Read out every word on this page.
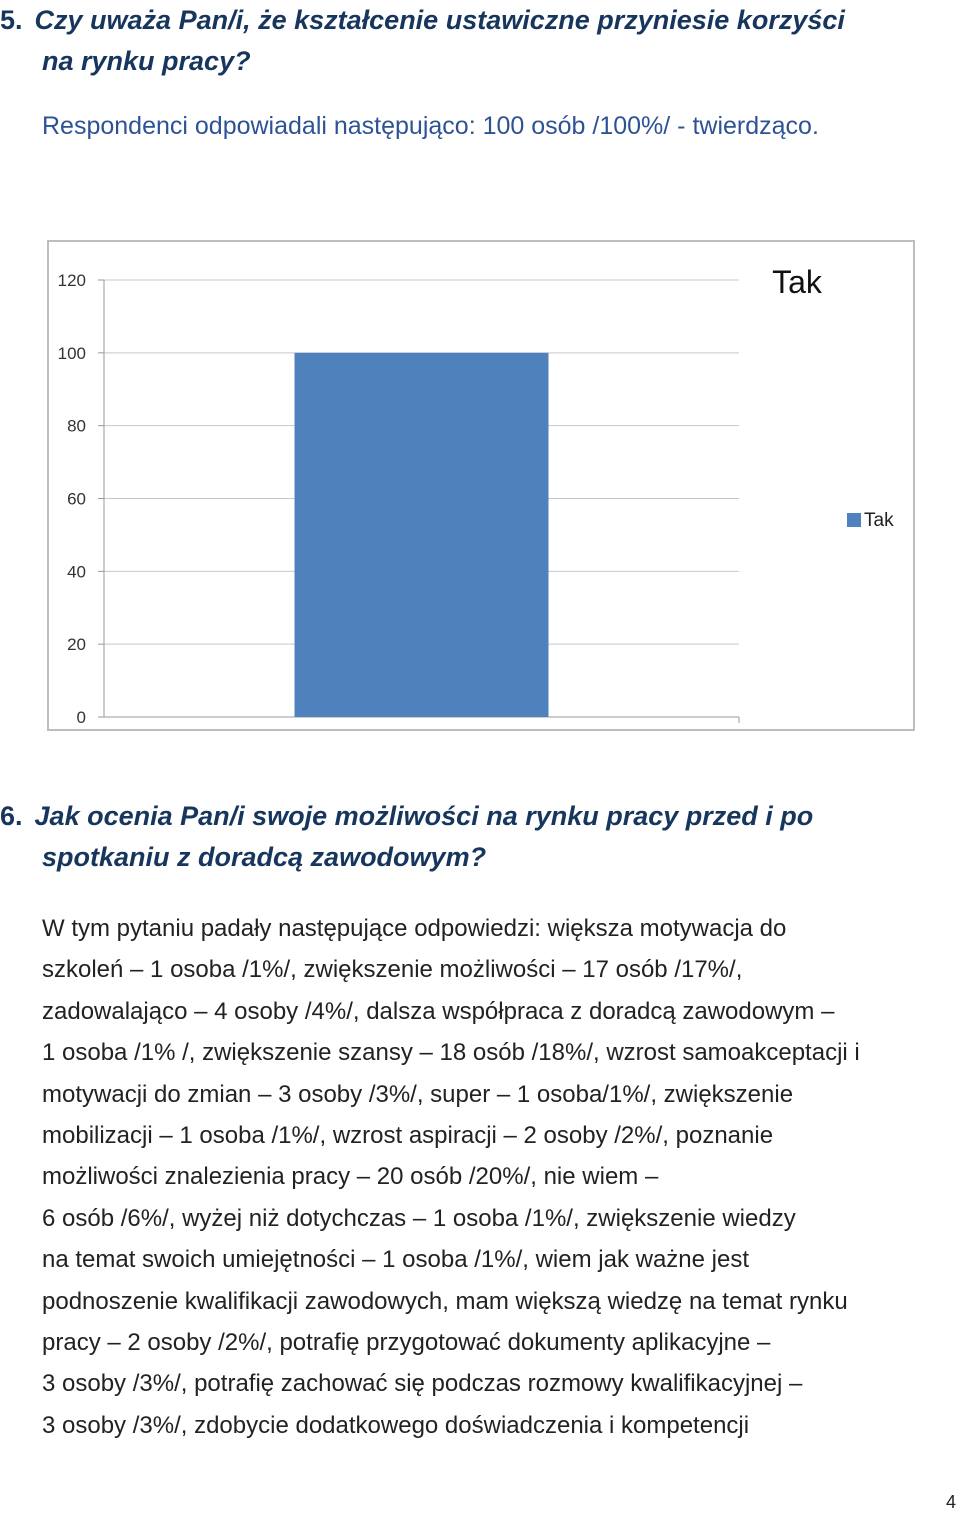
5. Czy uważa Pan/i, że kształcenie ustawiczne przyniesie korzyści
na rynku pracy?
Respondenci odpowiadali następująco: 100 osób /100%/ - twierdząco.
0
20
40
60
80
100
120	Tak
Tak
6. Jak ocenia Pan/i swoje możliwości na rynku pracy przed i po
spotkaniu z doradcą zawodowym?
W tym pytaniu padały następujące odpowiedzi: większa motywacja do
szkoleń – 1 osoba /1%/, zwiększenie możliwości – 17 osób /17%/,
zadowalająco – 4 osoby /4%/, dalsza współpraca z doradcą zawodowym –
1 osoba /1% /, zwiększenie szansy – 18 osób /18%/, wzrost samoakceptacji i
motywacji do zmian – 3 osoby /3%/, super – 1 osoba/1%/, zwiększenie
mobilizacji – 1 osoba /1%/, wzrost aspiracji – 2 osoby /2%/, poznanie
możliwości znalezienia pracy – 20 osób /20%/, nie wiem –
6 osób /6%/, wyżej niż dotychczas – 1 osoba /1%/, zwiększenie wiedzy
na temat swoich umiejętności – 1 osoba /1%/, wiem jak ważne jest
podnoszenie kwalifikacji zawodowych, mam większą wiedzę na temat rynku
pracy – 2 osoby /2%/, potrafię przygotować dokumenty aplikacyjne –
3 osoby /3%/, potrafię zachować się podczas rozmowy kwalifikacyjnej –
3 osoby /3%/, zdobycie dodatkowego doświadczenia i kompetencji
4
